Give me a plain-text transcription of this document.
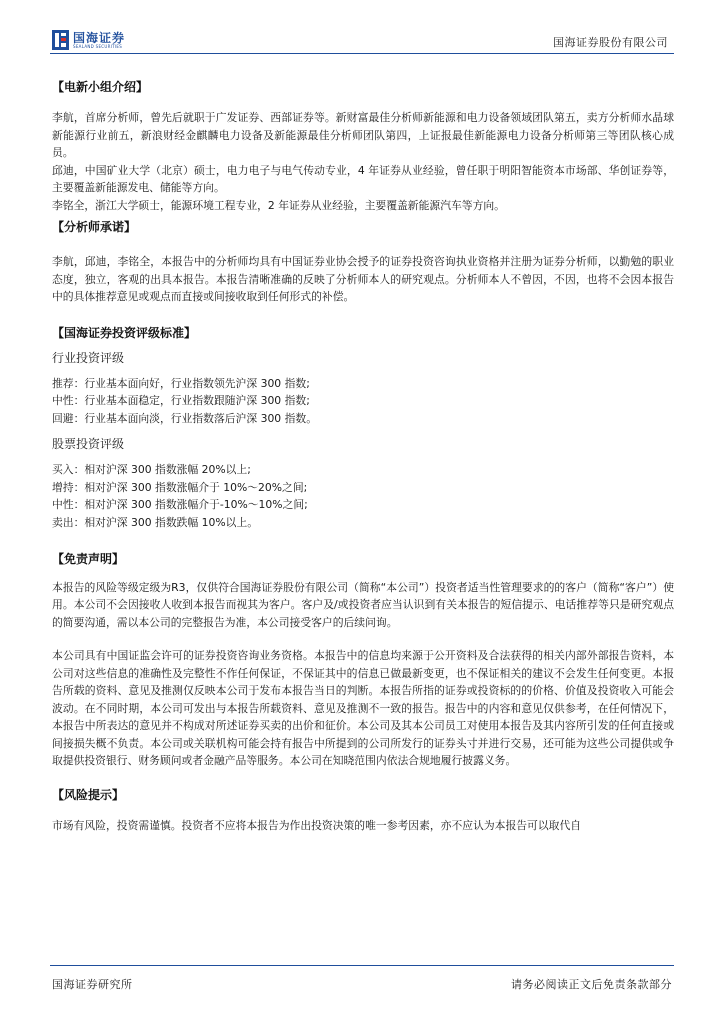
国海证券
SEALAND SECURITIES	国海证券股份有限公司
【电新小组介绍】
李航，首席分析师，曾先后就职于广发证券、西部证券等。新财富最佳分析师新能源和电力设备领域团队第五，卖方分析师水晶球新能源行业前五，新浪财经金麒麟电力设备及新能源最佳分析师团队第四，上证报最佳新能源电力设备分析师第三等团队核心成员。
邱迪，中国矿业大学（北京）硕士，电力电子与电气传动专业，4 年证券从业经验，曾任职于明阳智能资本市场部、华创证券等，主要覆盖新能源发电、储能等方向。
李铭全，浙江大学硕士，能源环境工程专业，2 年证券从业经验，主要覆盖新能源汽车等方向。
【分析师承诺】
李航，邱迪，李铭全，本报告中的分析师均具有中国证券业协会授予的证券投资咨询执业资格并注册为证券分析师，以勤勉的职业态度，独立，客观的出具本报告。本报告清晰准确的反映了分析师本人的研究观点。分析师本人不曾因，不因，也将不会因本报告中的具体推荐意见或观点而直接或间接收取到任何形式的补偿。
【国海证券投资评级标准】
行业投资评级
推荐：行业基本面向好，行业指数领先沪深 300 指数;
中性：行业基本面稳定，行业指数跟随沪深 300 指数;
回避：行业基本面向淡，行业指数落后沪深 300 指数。
股票投资评级
买入：相对沪深 300 指数涨幅 20%以上;
增持：相对沪深 300 指数涨幅介于 10%～20%之间;
中性：相对沪深 300 指数涨幅介于-10%～10%之间;
卖出：相对沪深 300 指数跌幅 10%以上。
【免责声明】
本报告的风险等级定级为R3，仅供符合国海证券股份有限公司（简称“本公司”）投资者适当性管理要求的的客户（简称“客户”）使用。本公司不会因接收人收到本报告而视其为客户。客户及/或投资者应当认识到有关本报告的短信提示、电话推荐等只是研究观点的简要沟通，需以本公司的完整报告为准，本公司接受客户的后续问询。
本公司具有中国证监会许可的证券投资咨询业务资格。本报告中的信息均来源于公开资料及合法获得的相关内部外部报告资料，本公司对这些信息的准确性及完整性不作任何保证，不保证其中的信息已做最新变更，也不保证相关的建议不会发生任何变更。本报告所载的资料、意见及推测仅反映本公司于发布本报告当日的判断。本报告所指的证券或投资标的的价格、价值及投资收入可能会波动。在不同时期，本公司可发出与本报告所载资料、意见及推测不一致的报告。报告中的内容和意见仅供参考，在任何情况下，本报告中所表达的意见并不构成对所述证券买卖的出价和征价。本公司及其本公司员工对使用本报告及其内容所引发的任何直接或间接损失概不负责。本公司或关联机构可能会持有报告中所提到的公司所发行的证券头寸并进行交易，还可能为这些公司提供或争取提供投资银行、财务顾问或者金融产品等服务。本公司在知晓范围内依法合规地履行披露义务。
【风险提示】
市场有风险，投资需谨慎。投资者不应将本报告为作出投资决策的唯一参考因素，亦不应认为本报告可以取代自
国海证券研究所	请务必阅读正文后免责条款部分
